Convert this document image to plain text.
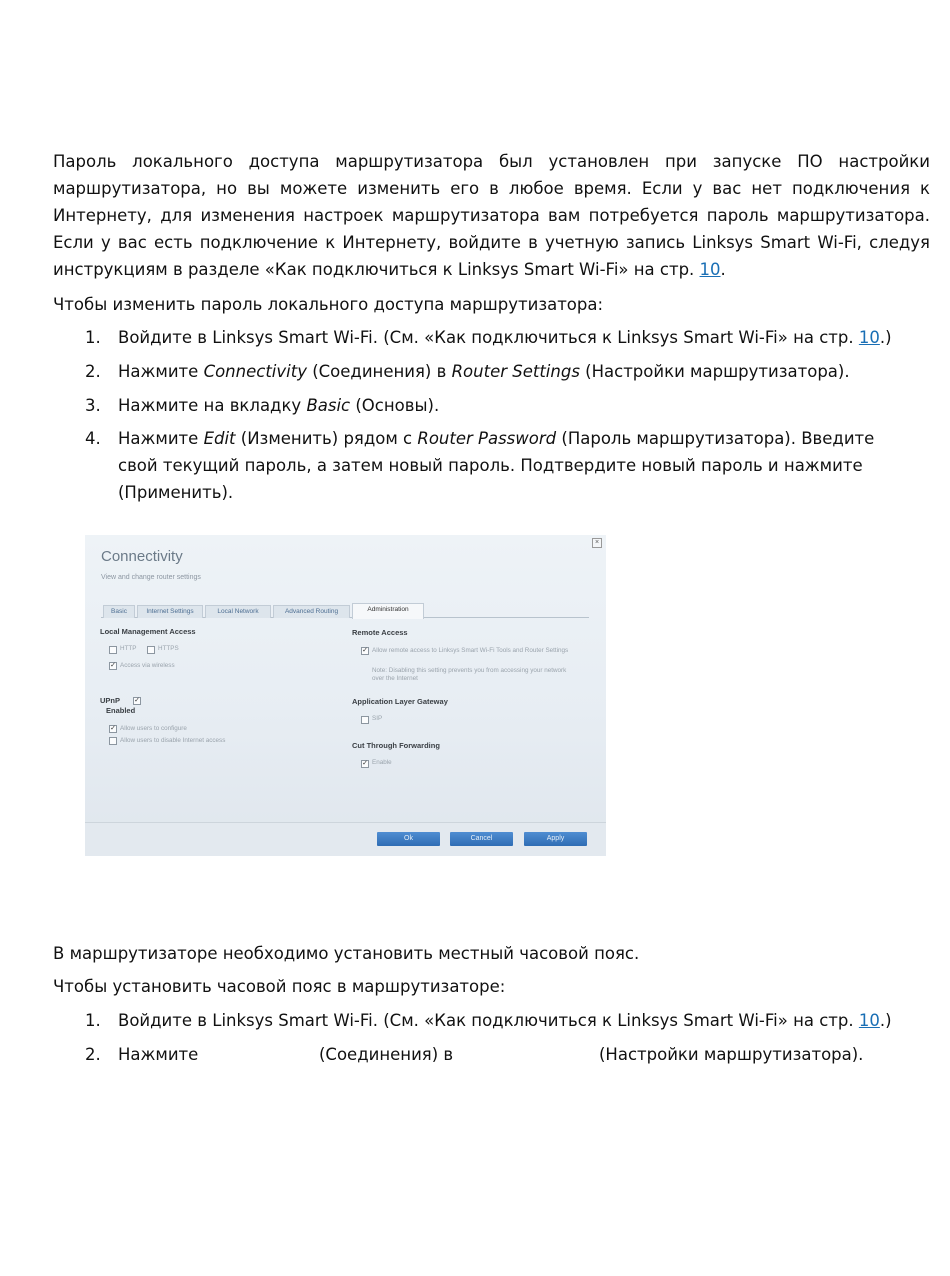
Пароль локального доступа маршрутизатора был установлен при запуске ПО настройки маршрутизатора, но вы можете изменить его в любое время. Если у вас нет подключения к Интернету, для изменения настроек маршрутизатора вам потребуется пароль маршрутизатора. Если у вас есть подключение к Интернету, войдите в учетную запись Linksys Smart Wi-Fi, следуя инструкциям в разделе «Как подключиться к Linksys Smart Wi-Fi» на стр. 10.

Чтобы изменить пароль локального доступа маршрутизатора:

1.	Войдите в Linksys Smart Wi-Fi. (См. «Как подключиться к Linksys Smart Wi-Fi» на стр. 10.)
2.	Нажмите Connectivity (Соединения) в Router Settings (Настройки маршрутизатора).
3.	Нажмите на вкладку Basic (Основы).
4.	Нажмите Edit (Изменить) рядом с Router Password (Пароль маршрутизатора). Введите свой текущий пароль, а затем новый пароль. Подтвердите новый пароль и нажмите (Применить).
×
Connectivity
View and change router settings
Basic	Internet Settings	Local Network	Advanced Routing	Administration
Local Management Access
HTTP	HTTPS
✓ Access via wireless
UPnP ✓
Enabled
✓ Allow users to configure
Allow users to disable Internet access
Remote Access
✓ Allow remote access to Linksys Smart Wi-Fi Tools and Router Settings
Note: Disabling this setting prevents you from accessing your network over the Internet
Application Layer Gateway
SIP
Cut Through Forwarding
✓ Enable
Ok	Cancel	Apply

В маршрутизаторе необходимо установить местный часовой пояс.

Чтобы установить часовой пояс в маршрутизаторе:

1.	Войдите в Linksys Smart Wi-Fi. (См. «Как подключиться к Linksys Smart Wi-Fi» на стр. 10.)
2.	Нажмите	(Соединения) в	(Настройки маршрутизатора).
